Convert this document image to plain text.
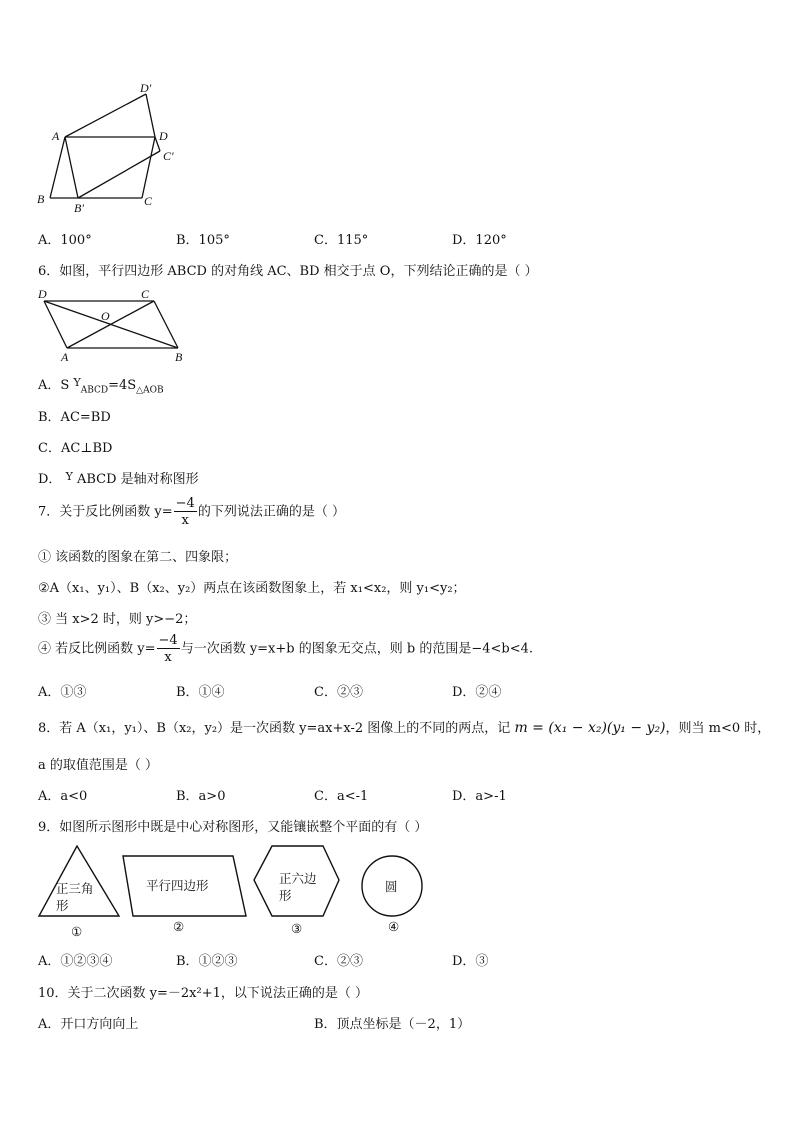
D′
A	D
C′
B
B′	C
A．100°	B．105°	C．115°	D．120°
6．如图，平行四边形 ABCD 的对角线 AC、BD 相交于点 O，下列结论正确的是（ ）
D	C
O
A	B
A．S $^Y_{ABCD}=4S_{\triangle AOB}$
B．AC=BD
C．AC⊥BD
D． $^Y$ ABCD 是轴对称图形
7．关于反比例函数 $y= \frac{-4}{x}$ 的下列说法正确的是（ ）
① 该函数的图象在第二、四象限；
②A（x₁、y₁）、B（x₂、y₂）两点在该函数图象上，若 x₁<x₂，则 y₁<y₂；
③ 当 x>2 时，则 y>−2；
④ 若反比例函数 $y= \frac{-4}{x}$ 与一次函数 y=x+b 的图象无交点，则 b 的范围是−4<b<4.
A．①③	B．①④	C．②③	D．②④
8．若 A（x₁，y₁）、B（x₂，y₂）是一次函数 y=ax+x-2 图像上的不同的两点，记 m = (x₁ − x₂)(y₁ − y₂)，则当 m<0 时，
a 的取值范围是（ ）
A．a<0	B．a>0	C．a<-1	D．a>-1
9．如图所示图形中既是中心对称图形，又能镶嵌整个平面的有（ ）
正三角
形
平行四边形	正六边
形
圆
①	②	③	④
A．①②③④	B．①②③	C．②③	D．③
10．关于二次函数 y=－2x²+1，以下说法正确的是（ ）
A．开口方向向上	B．顶点坐标是（－2，1）
